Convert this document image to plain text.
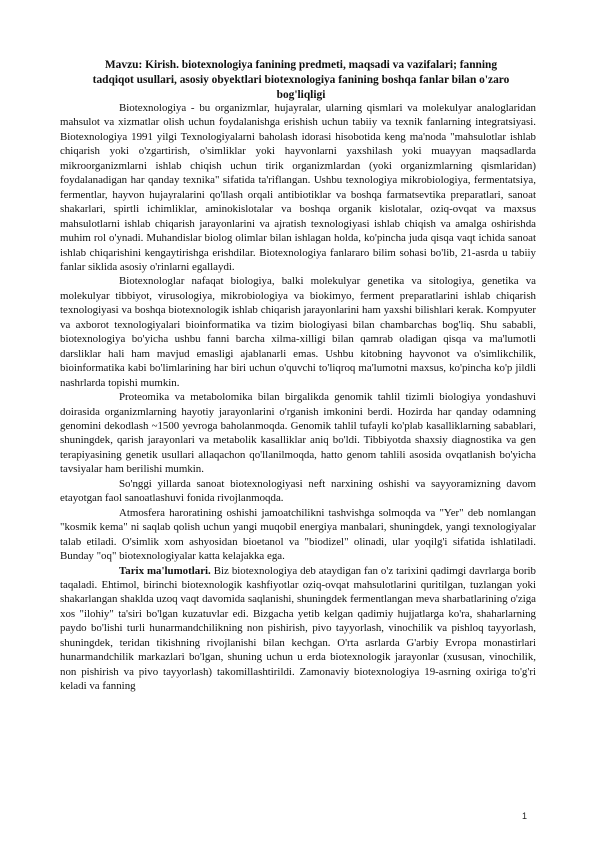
Mavzu: Kirish. biotexnologiya fanining predmeti, maqsadi va vazifalari; fanning tadqiqot usullari, asosiy obyektlari biotexnologiya fanining boshqa fanlar bilan o'zaro bog'liqligi

Biotexnologiya - bu organizmlar, hujayralar, ularning qismlari va molekulyar analoglaridan mahsulot va xizmatlar olish uchun foydalanishga erishish uchun tabiiy va texnik fanlarning integratsiyasi. Biotexnologiya 1991 yilgi Texnologiyalarni baholash idorasi hisobotida keng ma'noda "mahsulotlar ishlab chiqarish yoki o'zgartirish, o'simliklar yoki hayvonlarni yaxshilash yoki muayyan maqsadlarda mikroorganizmlarni ishlab chiqish uchun tirik organizmlardan (yoki organizmlarning qismlaridan) foydalanadigan har qanday texnika" sifatida ta'riflangan. Ushbu texnologiya mikrobiologiya, fermentatsiya, fermentlar, hayvon hujayralarini qo'llash orqali antibiotiklar va boshqa farmatsevtika preparatlari, sanoat shakarlari, spirtli ichimliklar, aminokislotalar va boshqa organik kislotalar, oziq-ovqat va maxsus mahsulotlarni ishlab chiqarish jarayonlarini va ajratish texnologiyasi ishlab chiqish va amalga oshirishda muhim rol o'ynadi. Muhandislar biolog olimlar bilan ishlagan holda, ko'pincha juda qisqa vaqt ichida sanoat ishlab chiqarishini kengaytirishga erishdilar. Biotexnologiya fanlararo bilim sohasi bo'lib, 21-asrda u tabiiy fanlar siklida asosiy o'rinlarni egallaydi.

Biotexnologlar nafaqat biologiya, balki molekulyar genetika va sitologiya, genetika va molekulyar tibbiyot, virusologiya, mikrobiologiya va biokimyo, ferment preparatlarini ishlab chiqarish texnologiyasi va boshqa biotexnologik ishlab chiqarish jarayonlarini ham yaxshi bilishlari kerak. Kompyuter va axborot texnologiyalari bioinformatika va tizim biologiyasi bilan chambarchas bog'liq. Shu sababli, biotexnologiya bo'yicha ushbu fanni barcha xilma-xilligi bilan qamrab oladigan qisqa va ma'lumotli darsliklar hali ham mavjud emasligi ajablanarli emas. Ushbu kitobning hayvonot va o'simlikchilik, bioinformatika kabi bo'limlarining har biri uchun o'quvchi to'liqroq ma'lumotni maxsus, ko'pincha ko'p jildli nashrlarda topishi mumkin.

Proteomika va metabolomika bilan birgalikda genomik tahlil tizimli biologiya yondashuvi doirasida organizmlarning hayotiy jarayonlarini o'rganish imkonini berdi. Hozirda har qanday odamning genomini dekodlash ~1500 yevroga baholanmoqda. Genomik tahlil tufayli ko'plab kasalliklarning sabablari, shuningdek, qarish jarayonlari va metabolik kasalliklar aniq bo'ldi. Tibbiyotda shaxsiy diagnostika va gen terapiyasining genetik usullari allaqachon qo'llanilmoqda, hatto genom tahlili asosida ovqatlanish bo'yicha tavsiyalar ham berilishi mumkin.

So'nggi yillarda sanoat biotexnologiyasi neft narxining oshishi va sayyoramizning davom etayotgan faol sanoatlashuvi fonida rivojlanmoqda.

Atmosfera haroratining oshishi jamoatchilikni tashvishga solmoqda va "Yer" deb nomlangan "kosmik kema" ni saqlab qolish uchun yangi muqobil energiya manbalari, shuningdek, yangi texnologiyalar talab etiladi. O'simlik xom ashyosidan bioetanol va "biodizel" olinadi, ular yoqilg'i sifatida ishlatiladi. Bunday "oq" biotexnologiyalar katta kelajakka ega.

Tarix ma'lumotlari. Biz biotexnologiya deb ataydigan fan o'z tarixini qadimgi davrlarga borib taqaladi. Ehtimol, birinchi biotexnologik kashfiyotlar oziq-ovqat mahsulotlarini quritilgan, tuzlangan yoki shakarlangan shaklda uzoq vaqt davomida saqlanishi, shuningdek fermentlangan meva sharbatlarining o'ziga xos "ilohiy" ta'siri bo'lgan kuzatuvlar edi. Bizgacha yetib kelgan qadimiy hujjatlarga ko'ra, shaharlarning paydo bo'lishi turli hunarmandchilikning non pishirish, pivo tayyorlash, vinochilik va pishloq tayyorlash, shuningdek, teridan tikishning rivojlanishi bilan kechgan. O'rta asrlarda G'arbiy Evropa monastirlari hunarmandchilik markazlari bo'lgan, shuning uchun u erda biotexnologik jarayonlar (xususan, vinochilik, non pishirish va pivo tayyorlash) takomillashtirildi. Zamonaviy biotexnologiya 19-asrning oxiriga to'g'ri keladi va fanning

1
